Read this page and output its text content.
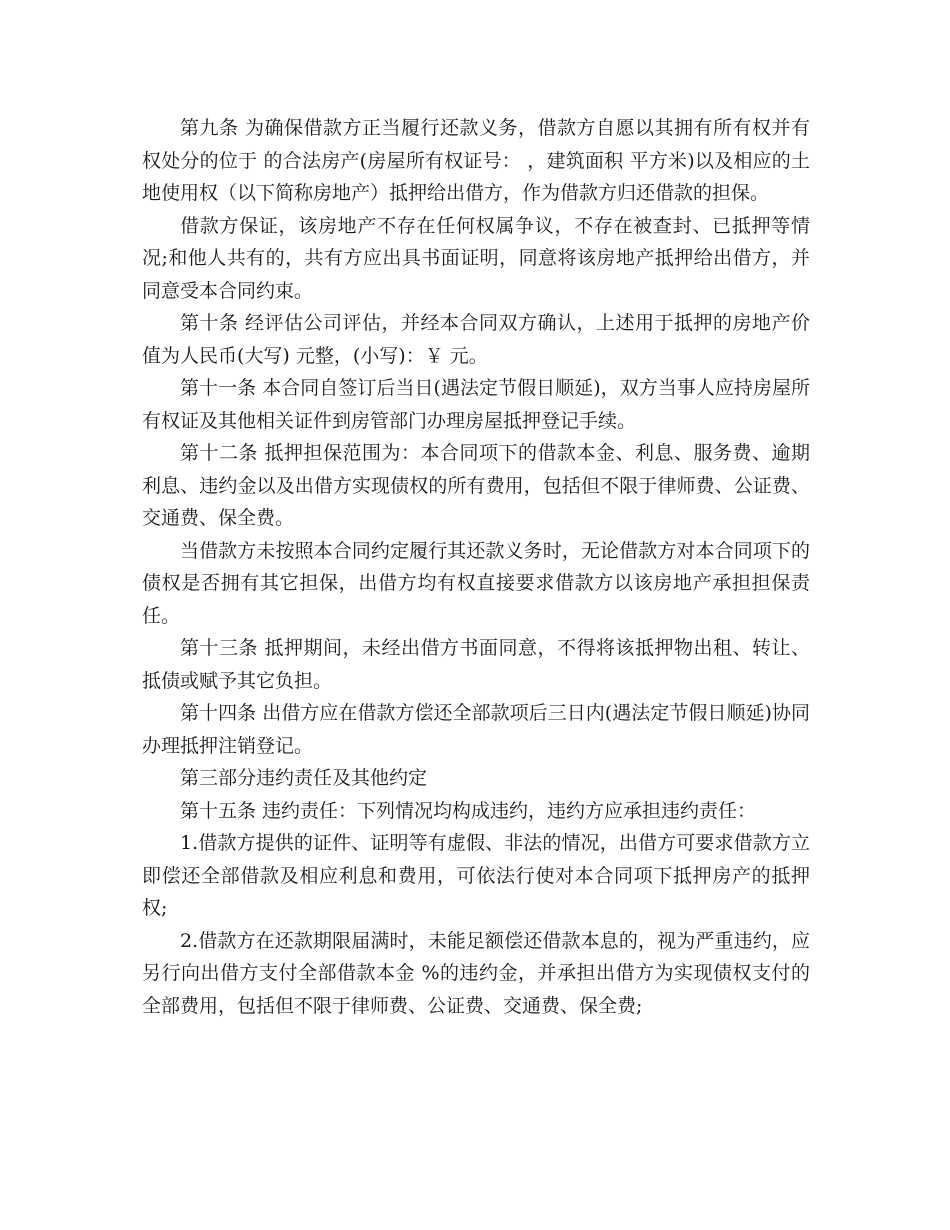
第九条 为确保借款方正当履行还款义务，借款方自愿以其拥有所有权并有权处分的位于 的合法房产(房屋所有权证号： ，建筑面积 平方米)以及相应的土地使用权（以下简称房地产）抵押给出借方，作为借款方归还借款的担保。

借款方保证，该房地产不存在任何权属争议，不存在被查封、已抵押等情况;和他人共有的，共有方应出具书面证明，同意将该房地产抵押给出借方，并同意受本合同约束。

第十条 经评估公司评估，并经本合同双方确认，上述用于抵押的房地产价值为人民币(大写) 元整，(小写)：￥ 元。

第十一条 本合同自签订后当日(遇法定节假日顺延)，双方当事人应持房屋所有权证及其他相关证件到房管部门办理房屋抵押登记手续。

第十二条 抵押担保范围为：本合同项下的借款本金、利息、服务费、逾期利息、违约金以及出借方实现债权的所有费用，包括但不限于律师费、公证费、交通费、保全费。

当借款方未按照本合同约定履行其还款义务时，无论借款方对本合同项下的债权是否拥有其它担保，出借方均有权直接要求借款方以该房地产承担担保责任。

第十三条 抵押期间，未经出借方书面同意，不得将该抵押物出租、转让、抵债或赋予其它负担。

第十四条 出借方应在借款方偿还全部款项后三日内(遇法定节假日顺延)协同办理抵押注销登记。

第三部分违约责任及其他约定

第十五条 违约责任：下列情况均构成违约，违约方应承担违约责任：

1.借款方提供的证件、证明等有虚假、非法的情况，出借方可要求借款方立即偿还全部借款及相应利息和费用，可依法行使对本合同项下抵押房产的抵押权;

2.借款方在还款期限届满时，未能足额偿还借款本息的，视为严重违约，应另行向出借方支付全部借款本金 %的违约金，并承担出借方为实现债权支付的全部费用，包括但不限于律师费、公证费、交通费、保全费;
